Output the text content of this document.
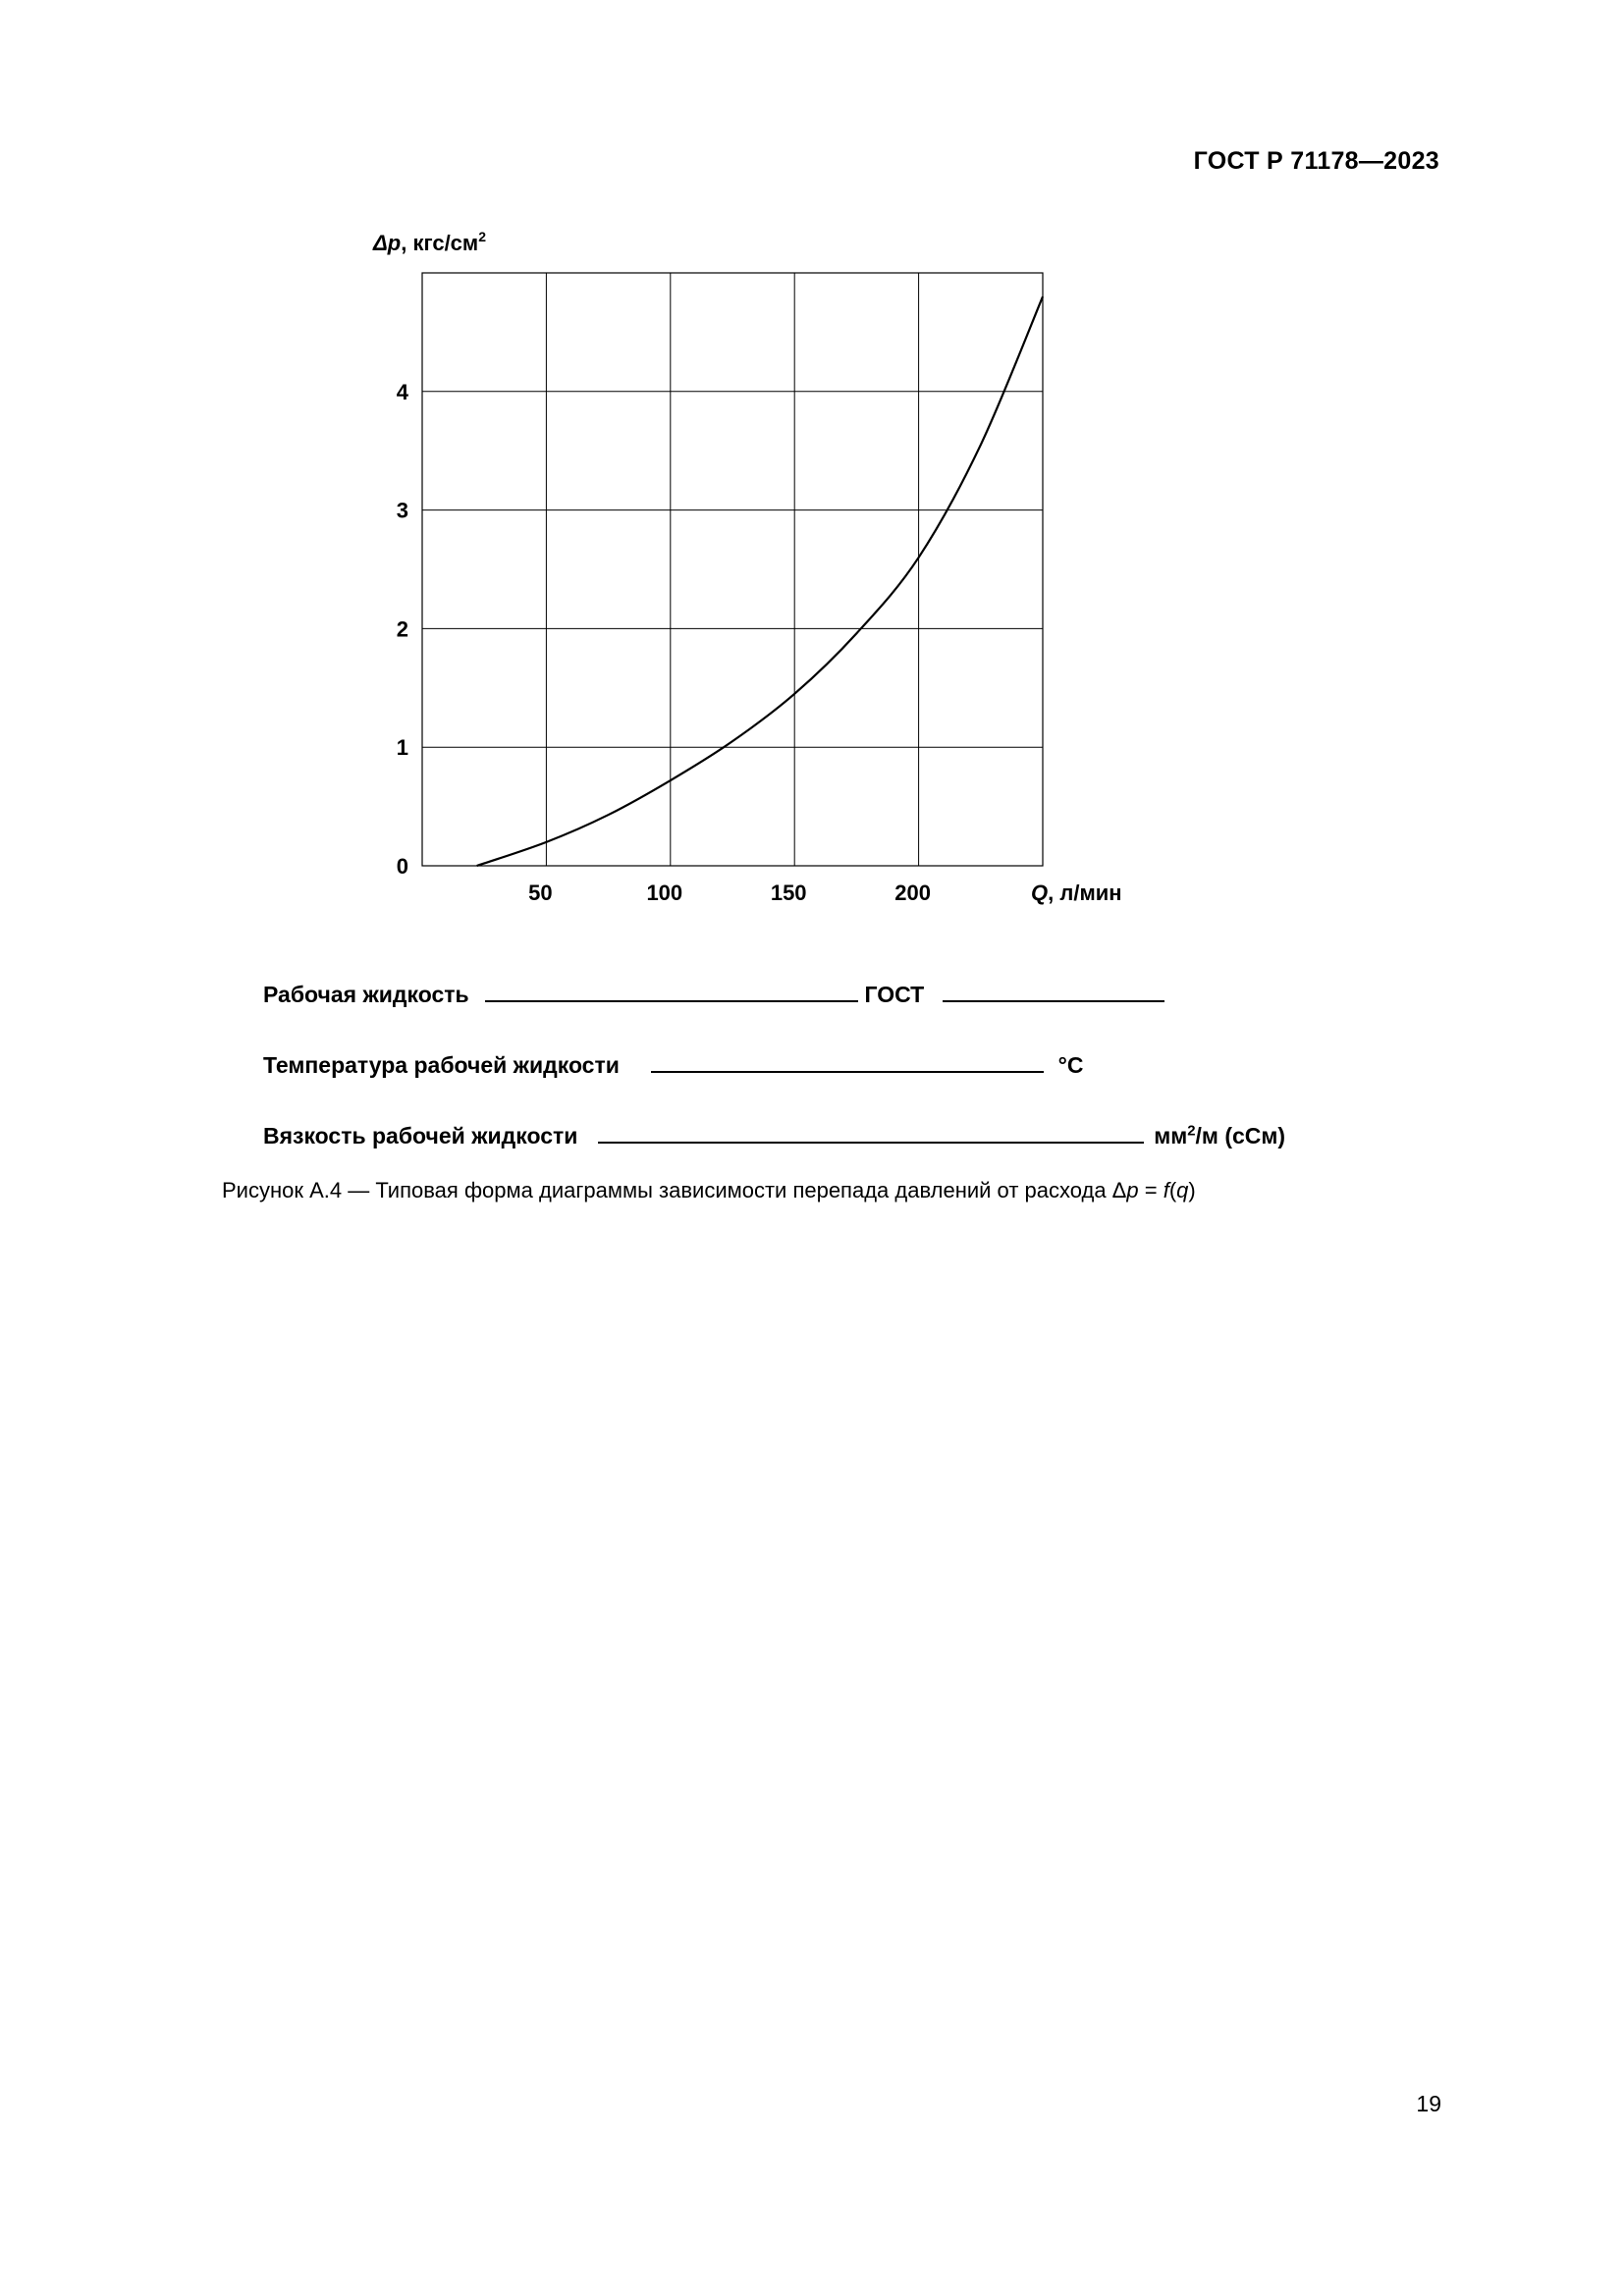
ГОСТ Р 71178—2023
0
1
2
3
4
50	100	150	200
Δp, кгс/$см^2$
Q, л/мин
Рабочая жидкость	ГОСТ
Температура рабочей жидкости	°C
Вязкость рабочей жидкости	$мм^2/м$ (сСм)
Рисунок А.4 — Типовая форма диаграммы зависимости перепада давлений от расхода Δp = f(q)
19
